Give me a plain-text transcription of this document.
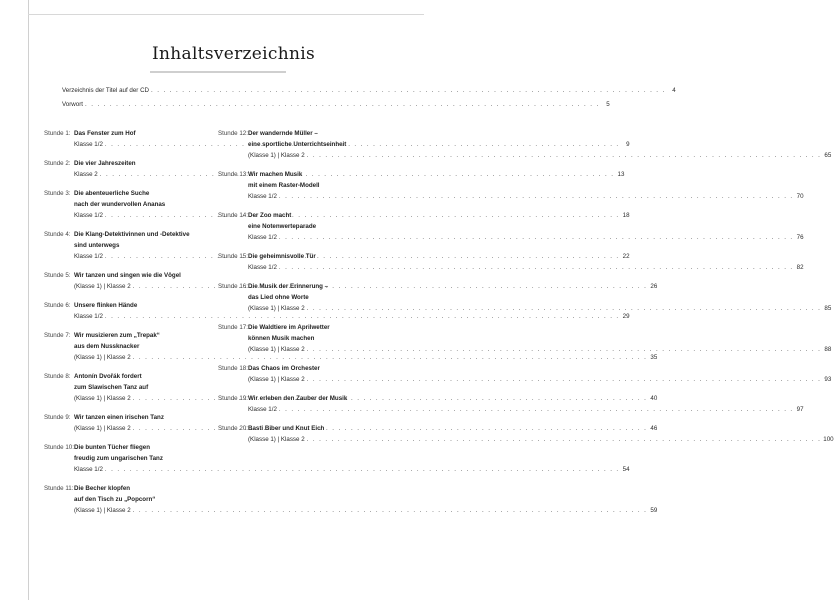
Inhaltsverzeichnis
Verzeichnis der Titel auf der CD . . .	4
Vorwort . . .	5
Stunde 1: Das Fenster zum Hof
Klasse 1/2 . . .	9
Stunde 2: Die vier Jahreszeiten
Klasse 2 . . .	13
Stunde 3: Die abenteuerliche Suche
nach der wundervollen Ananas
Klasse 1/2 . . .	18
Stunde 4: Die Klang-Detektivinnen und -Detektive
sind unterwegs
Klasse 1/2 . . .	22
Stunde 5: Wir tanzen und singen wie die Vögel
(Klasse 1) | Klasse 2 . . .	26
Stunde 6: Unsere flinken Hände
Klasse 1/2 . . .	29
Stunde 7: Wir musizieren zum „Trepak“
aus dem Nussknacker
(Klasse 1) | Klasse 2 . . .	35
Stunde 8: Antonín Dvořák fordert
zum Slawischen Tanz auf
(Klasse 1) | Klasse 2 . . .	40
Stunde 9: Wir tanzen einen irischen Tanz
(Klasse 1) | Klasse 2 . . .	46
Stunde 10: Die bunten Tücher fliegen
freudig zum ungarischen Tanz
Klasse 1/2 . . .	54
Stunde 11: Die Becher klopfen
auf den Tisch zu „Popcorn“
(Klasse 1) | Klasse 2 . . .	59
Stunde 12: Der wandernde Müller –
eine sportliche Unterrichtseinheit
(Klasse 1) | Klasse 2 . . .	65
Stunde 13: Wir machen Musik
mit einem Raster-Modell
Klasse 1/2 . . .	70
Stunde 14: Der Zoo macht
eine Notenwerteparade
Klasse 1/2 . . .	76
Stunde 15: Die geheimnisvolle Tür
Klasse 1/2 . . .	82
Stunde 16: Die Musik der Erinnerung –
das Lied ohne Worte
(Klasse 1) | Klasse 2 . . .	85
Stunde 17: Die Waldtiere im Aprilwetter
können Musik machen
(Klasse 1) | Klasse 2 . . .	88
Stunde 18: Das Chaos im Orchester
(Klasse 1) | Klasse 2 . . .	93
Stunde 19: Wir erleben den Zauber der Musik
Klasse 1/2 . . .	97
Stunde 20: Basti Biber und Knut Eich
(Klasse 1) | Klasse 2 . . .	100
